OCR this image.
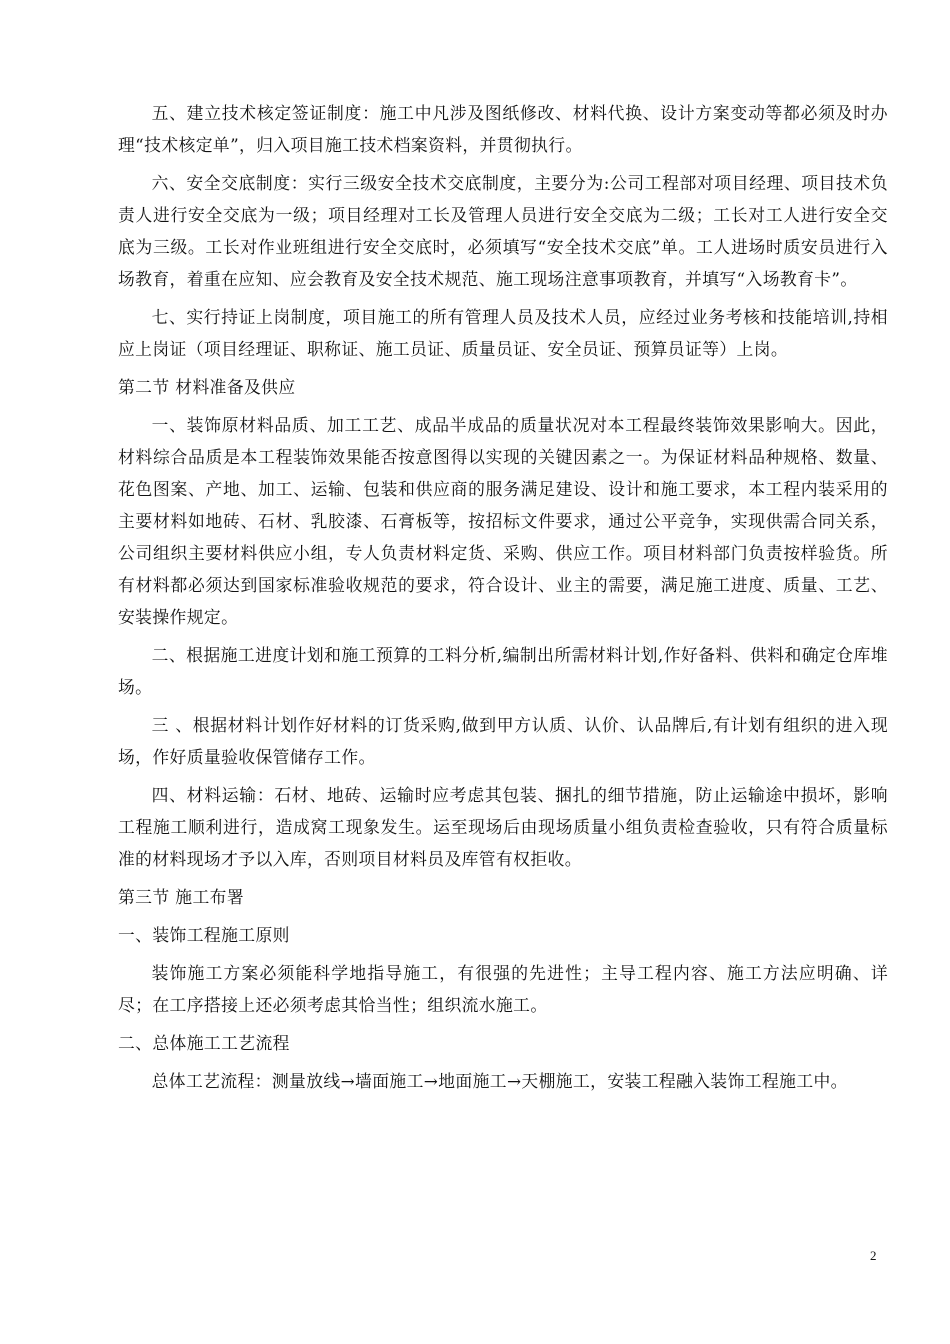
五、建立技术核定签证制度：施工中凡涉及图纸修改、材料代换、设计方案变动等都必须及时办理“技术核定单”，归入项目施工技术档案资料，并贯彻执行。

六、安全交底制度：实行三级安全技术交底制度，主要分为:公司工程部对项目经理、项目技术负责人进行安全交底为一级；项目经理对工长及管理人员进行安全交底为二级；工长对工人进行安全交底为三级。工长对作业班组进行安全交底时，必须填写“安全技术交底”单。工人进场时质安员进行入场教育，着重在应知、应会教育及安全技术规范、施工现场注意事项教育，并填写“入场教育卡”。

七、实行持证上岗制度，项目施工的所有管理人员及技术人员，应经过业务考核和技能培训,持相应上岗证（项目经理证、职称证、施工员证、质量员证、安全员证、预算员证等）上岗。

第二节 材料准备及供应

一、装饰原材料品质、加工工艺、成品半成品的质量状况对本工程最终装饰效果影响大。因此，材料综合品质是本工程装饰效果能否按意图得以实现的关键因素之一。为保证材料品种规格、数量、花色图案、产地、加工、运输、包装和供应商的服务满足建设、设计和施工要求，本工程内装采用的主要材料如地砖、石材、乳胶漆、石膏板等，按招标文件要求，通过公平竞争，实现供需合同关系，公司组织主要材料供应小组，专人负责材料定货、采购、供应工作。项目材料部门负责按样验货。所有材料都必须达到国家标准验收规范的要求，符合设计、业主的需要，满足施工进度、质量、工艺、安装操作规定。

二、根据施工进度计划和施工预算的工料分析,编制出所需材料计划,作好备料、供料和确定仓库堆场。

三 、根据材料计划作好材料的订货采购,做到甲方认质、认价、认品牌后,有计划有组织的进入现场，作好质量验收保管储存工作。

四、材料运输：石材、地砖、运输时应考虑其包装、捆扎的细节措施，防止运输途中损坏，影响工程施工顺利进行，造成窝工现象发生。运至现场后由现场质量小组负责检查验收，只有符合质量标准的材料现场才予以入库，否则项目材料员及库管有权拒收。

第三节 施工布署

一、装饰工程施工原则

装饰施工方案必须能科学地指导施工，有很强的先进性；主导工程内容、施工方法应明确、详尽；在工序搭接上还必须考虑其恰当性；组织流水施工。

二、总体施工工艺流程

总体工艺流程：测量放线→墙面施工→地面施工→天棚施工，安装工程融入装饰工程施工中。

2
